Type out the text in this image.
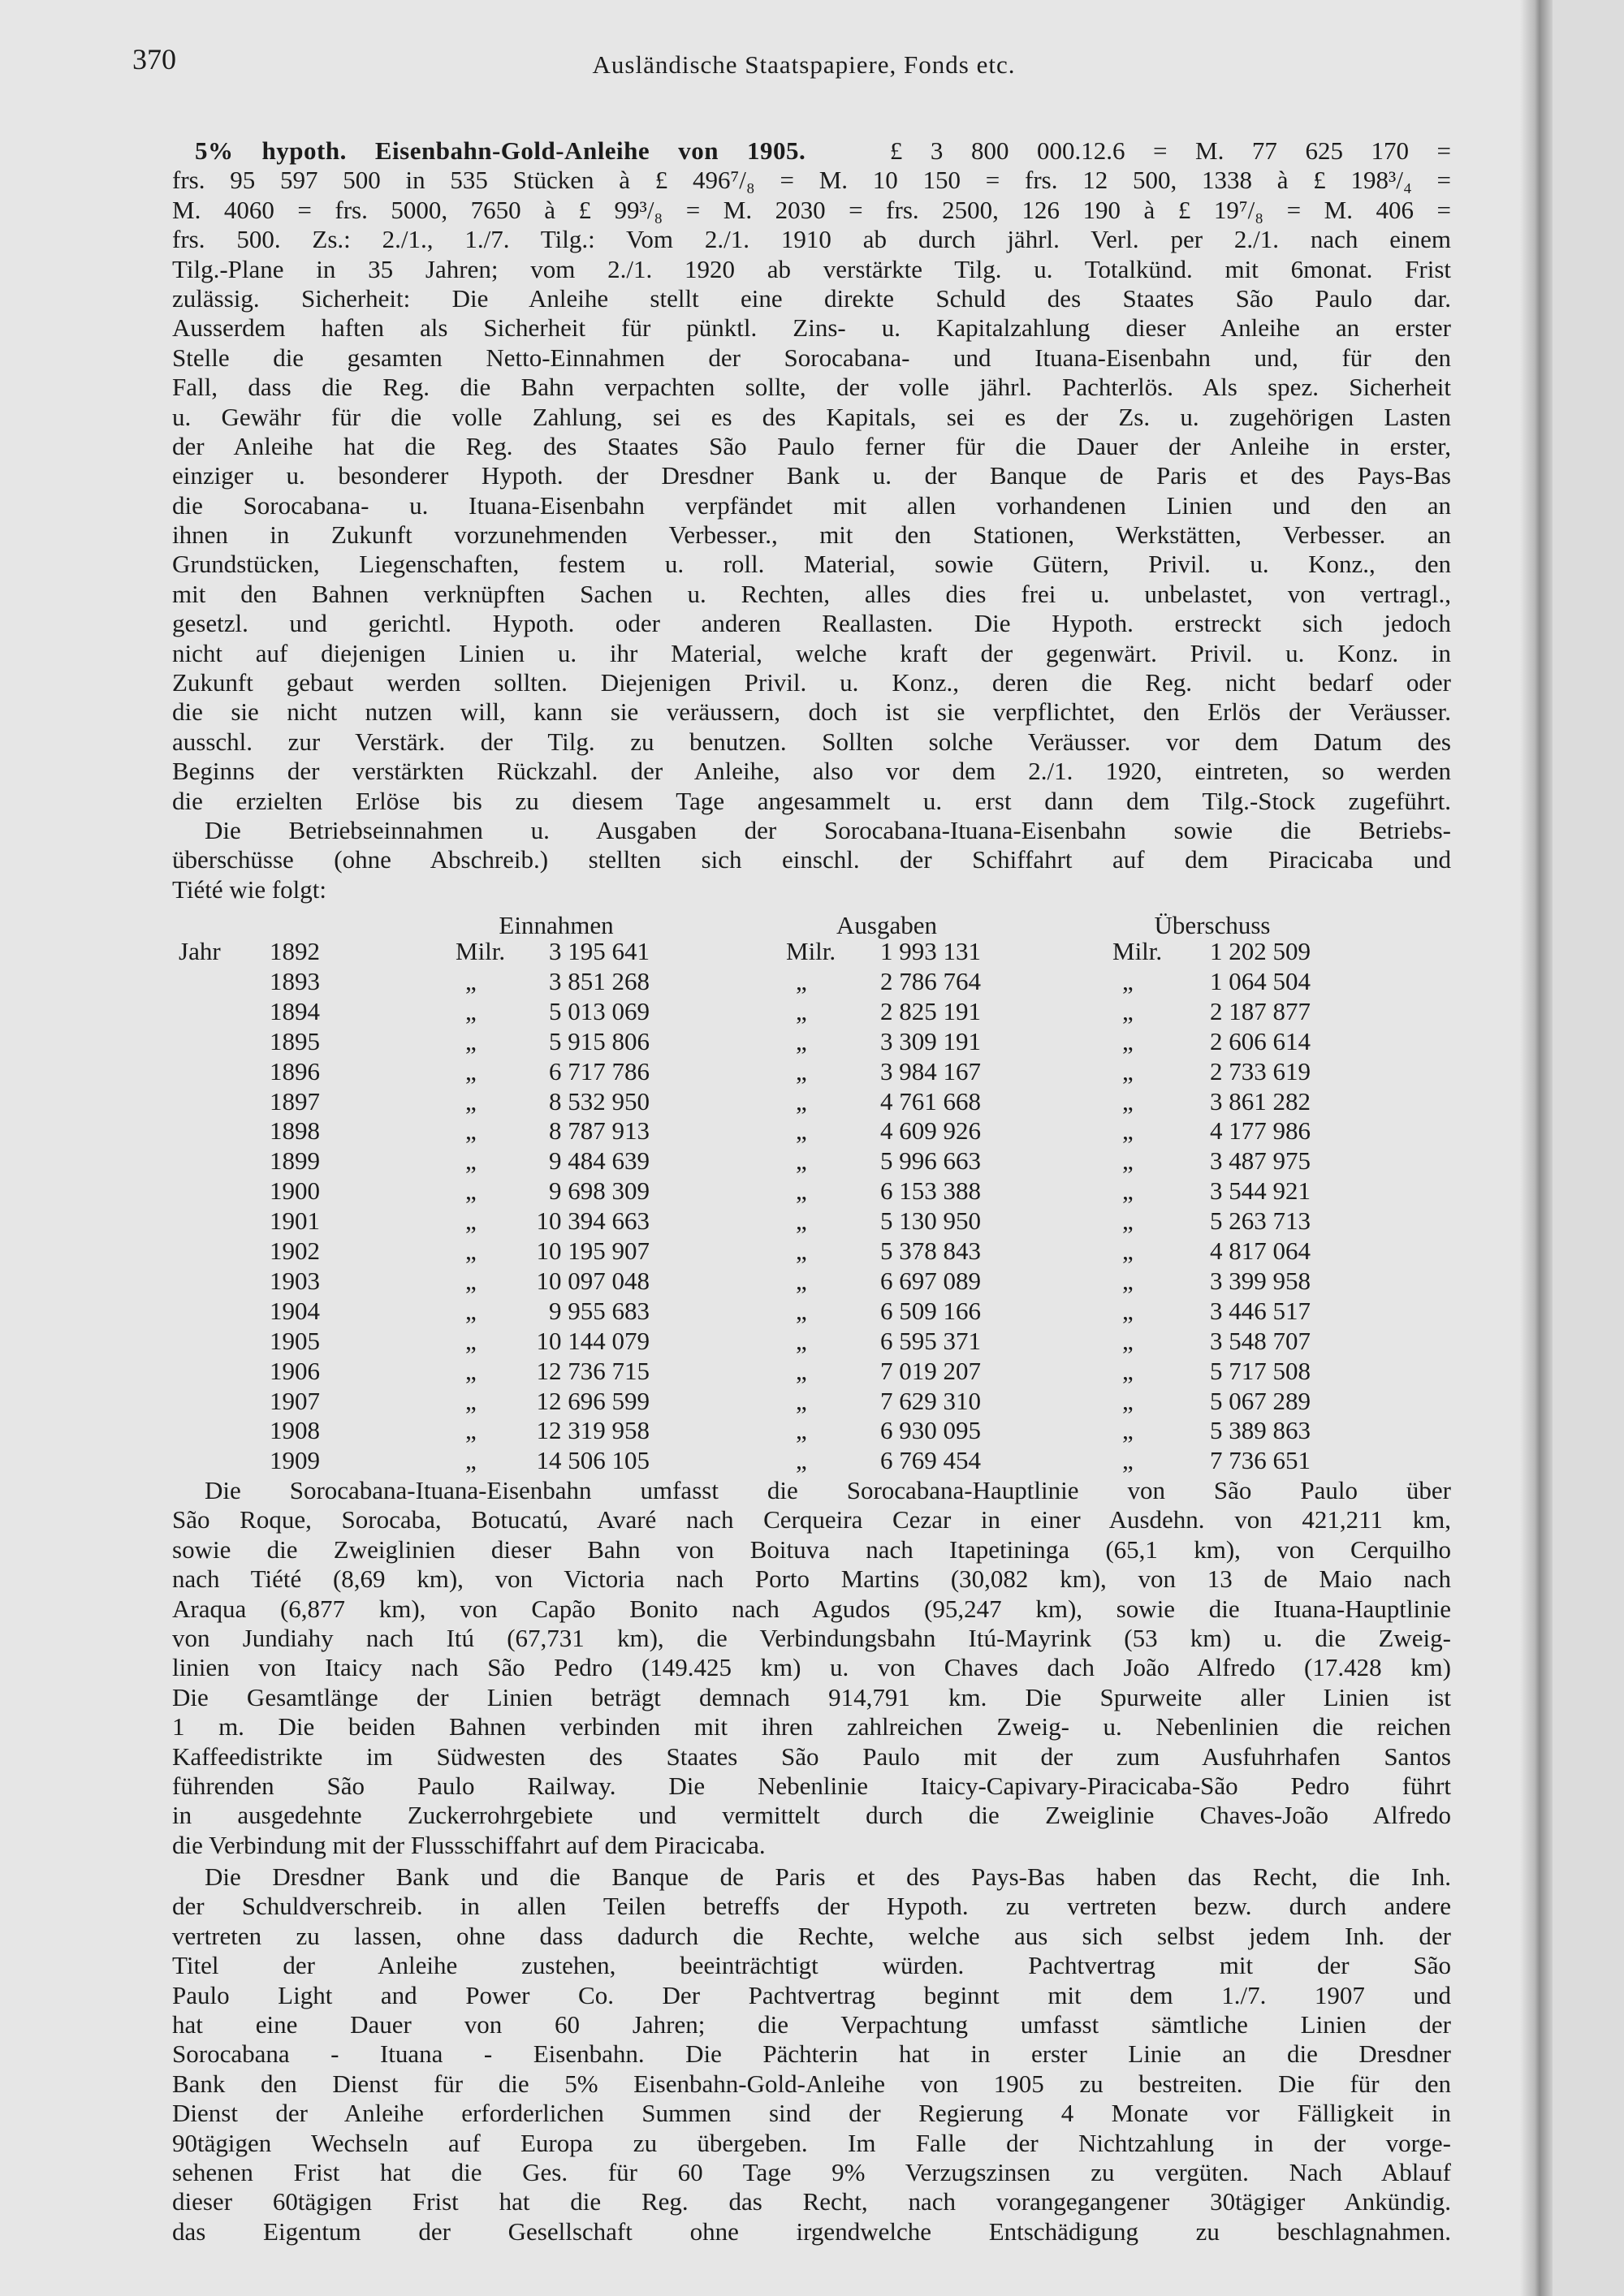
370	Ausländische Staatspapiere, Fonds etc.
5% hypoth. Eisenbahn-Gold-Anleihe von 1905.	£ 3 800 000.12.6 = M. 77 625 170 =
frs. 95 597 500 in 535 Stücken à £ 496⁷/₈ = M. 10 150 = frs. 12 500, 1338 à £ 198³/₄ =
M. 4060 = frs. 5000, 7650 à £ 99³/₈ = M. 2030 = frs. 2500, 126 190 à £ 19⁷/₈ = M. 406 =
frs. 500. Zs.: 2./1., 1./7. Tilg.: Vom 2./1. 1910 ab durch jährl. Verl. per 2./1. nach einem
Tilg.-Plane in 35 Jahren; vom 2./1. 1920 ab verstärkte Tilg. u. Totalkünd. mit 6monat. Frist
zulässig. Sicherheit: Die Anleihe stellt eine direkte Schuld des Staates São Paulo dar.
Ausserdem haften als Sicherheit für pünktl. Zins- u. Kapitalzahlung dieser Anleihe an erster
Stelle die gesamten Netto-Einnahmen der Sorocabana- und Ituana-Eisenbahn und, für den
Fall, dass die Reg. die Bahn verpachten sollte, der volle jährl. Pachterlös. Als spez. Sicherheit
u. Gewähr für die volle Zahlung, sei es des Kapitals, sei es der Zs. u. zugehörigen Lasten
der Anleihe hat die Reg. des Staates São Paulo ferner für die Dauer der Anleihe in erster,
einziger u. besonderer Hypoth. der Dresdner Bank u. der Banque de Paris et des Pays-Bas
die Sorocabana- u. Ituana-Eisenbahn verpfändet mit allen vorhandenen Linien und den an
ihnen in Zukunft vorzunehmenden Verbesser., mit den Stationen, Werkstätten, Verbesser. an
Grundstücken, Liegenschaften, festem u. roll. Material, sowie Gütern, Privil. u. Konz., den
mit den Bahnen verknüpften Sachen u. Rechten, alles dies frei u. unbelastet, von vertragl.,
gesetzl. und gerichtl. Hypoth. oder anderen Reallasten. Die Hypoth. erstreckt sich jedoch
nicht auf diejenigen Linien u. ihr Material, welche kraft der gegenwärt. Privil. u. Konz. in
Zukunft gebaut werden sollten. Diejenigen Privil. u. Konz., deren die Reg. nicht bedarf oder
die sie nicht nutzen will, kann sie veräussern, doch ist sie verpflichtet, den Erlös der Veräusser.
ausschl. zur Verstärk. der Tilg. zu benutzen. Sollten solche Veräusser. vor dem Datum des
Beginns der verstärkten Rückzahl. der Anleihe, also vor dem 2./1. 1920, eintreten, so werden
die erzielten Erlöse bis zu diesem Tage angesammelt u. erst dann dem Tilg.-Stock zugeführt.
Die Betriebseinnahmen u. Ausgaben der Sorocabana-Ituana-Eisenbahn sowie die Betriebs-
überschüsse (ohne Abschreib.) stellten sich einschl. der Schiffahrt auf dem Piracicaba und
Tiété wie folgt:
Einnahmen	Ausgaben	Überschuss
Jahr	1892	Milr.	3 195 641	Milr.	1 993 131	Milr.	1 202 509
1893	„	3 851 268	„	2 786 764	„	1 064 504
1894	„	5 013 069	„	2 825 191	„	2 187 877
1895	„	5 915 806	„	3 309 191	„	2 606 614
1896	„	6 717 786	„	3 984 167	„	2 733 619
1897	„	8 532 950	„	4 761 668	„	3 861 282
1898	„	8 787 913	„	4 609 926	„	4 177 986
1899	„	9 484 639	„	5 996 663	„	3 487 975
1900	„	9 698 309	„	6 153 388	„	3 544 921
1901	„	10 394 663	„	5 130 950	„	5 263 713
1902	„	10 195 907	„	5 378 843	„	4 817 064
1903	„	10 097 048	„	6 697 089	„	3 399 958
1904	„	9 955 683	„	6 509 166	„	3 446 517
1905	„	10 144 079	„	6 595 371	„	3 548 707
1906	„	12 736 715	„	7 019 207	„	5 717 508
1907	„	12 696 599	„	7 629 310	„	5 067 289
1908	„	12 319 958	„	6 930 095	„	5 389 863
1909	„	14 506 105	„	6 769 454	„	7 736 651
Die Sorocabana-Ituana-Eisenbahn umfasst die Sorocabana-Hauptlinie von São Paulo über
São Roque, Sorocaba, Botucatú, Avaré nach Cerqueira Cezar in einer Ausdehn. von 421,211 km,
sowie die Zweiglinien dieser Bahn von Boituva nach Itapetininga (65,1 km), von Cerquilho
nach Tiété (8,69 km), von Victoria nach Porto Martins (30,082 km), von 13 de Maio nach
Araqua (6,877 km), von Capão Bonito nach Agudos (95,247 km), sowie die Ituana-Hauptlinie
von Jundiahy nach Itú (67,731 km), die Verbindungsbahn Itú-Mayrink (53 km) u. die Zweig-
linien von Itaicy nach São Pedro (149.425 km) u. von Chaves dach João Alfredo (17.428 km)
Die Gesamtlänge der Linien beträgt demnach 914,791 km. Die Spurweite aller Linien ist
1 m. Die beiden Bahnen verbinden mit ihren zahlreichen Zweig- u. Nebenlinien die reichen
Kaffeedistrikte im Südwesten des Staates São Paulo mit der zum Ausfuhrhafen Santos
führenden São Paulo Railway. Die Nebenlinie Itaicy-Capivary-Piracicaba-São Pedro führt
in ausgedehnte Zuckerrohrgebiete und vermittelt durch die Zweiglinie Chaves-João Alfredo
die Verbindung mit der Flussschiffahrt auf dem Piracicaba.
Die Dresdner Bank und die Banque de Paris et des Pays-Bas haben das Recht, die Inh.
der Schuldverschreib. in allen Teilen betreffs der Hypoth. zu vertreten bezw. durch andere
vertreten zu lassen, ohne dass dadurch die Rechte, welche aus sich selbst jedem Inh. der
Titel der Anleihe zustehen, beeinträchtigt würden. Pachtvertrag mit der São
Paulo Light and Power Co. Der Pachtvertrag beginnt mit dem 1./7. 1907 und
hat eine Dauer von 60 Jahren; die Verpachtung umfasst sämtliche Linien der
Sorocabana - Ituana - Eisenbahn. Die Pächterin hat in erster Linie an die Dresdner
Bank den Dienst für die 5% Eisenbahn-Gold-Anleihe von 1905 zu bestreiten. Die für den
Dienst der Anleihe erforderlichen Summen sind der Regierung 4 Monate vor Fälligkeit in
90tägigen Wechseln auf Europa zu übergeben. Im Falle der Nichtzahlung in der vorge-
sehenen Frist hat die Ges. für 60 Tage 9% Verzugszinsen zu vergüten. Nach Ablauf
dieser 60tägigen Frist hat die Reg. das Recht, nach vorangegangener 30tägiger Ankündig.
das Eigentum der Gesellschaft ohne irgendwelche Entschädigung zu beschlagnahmen.
